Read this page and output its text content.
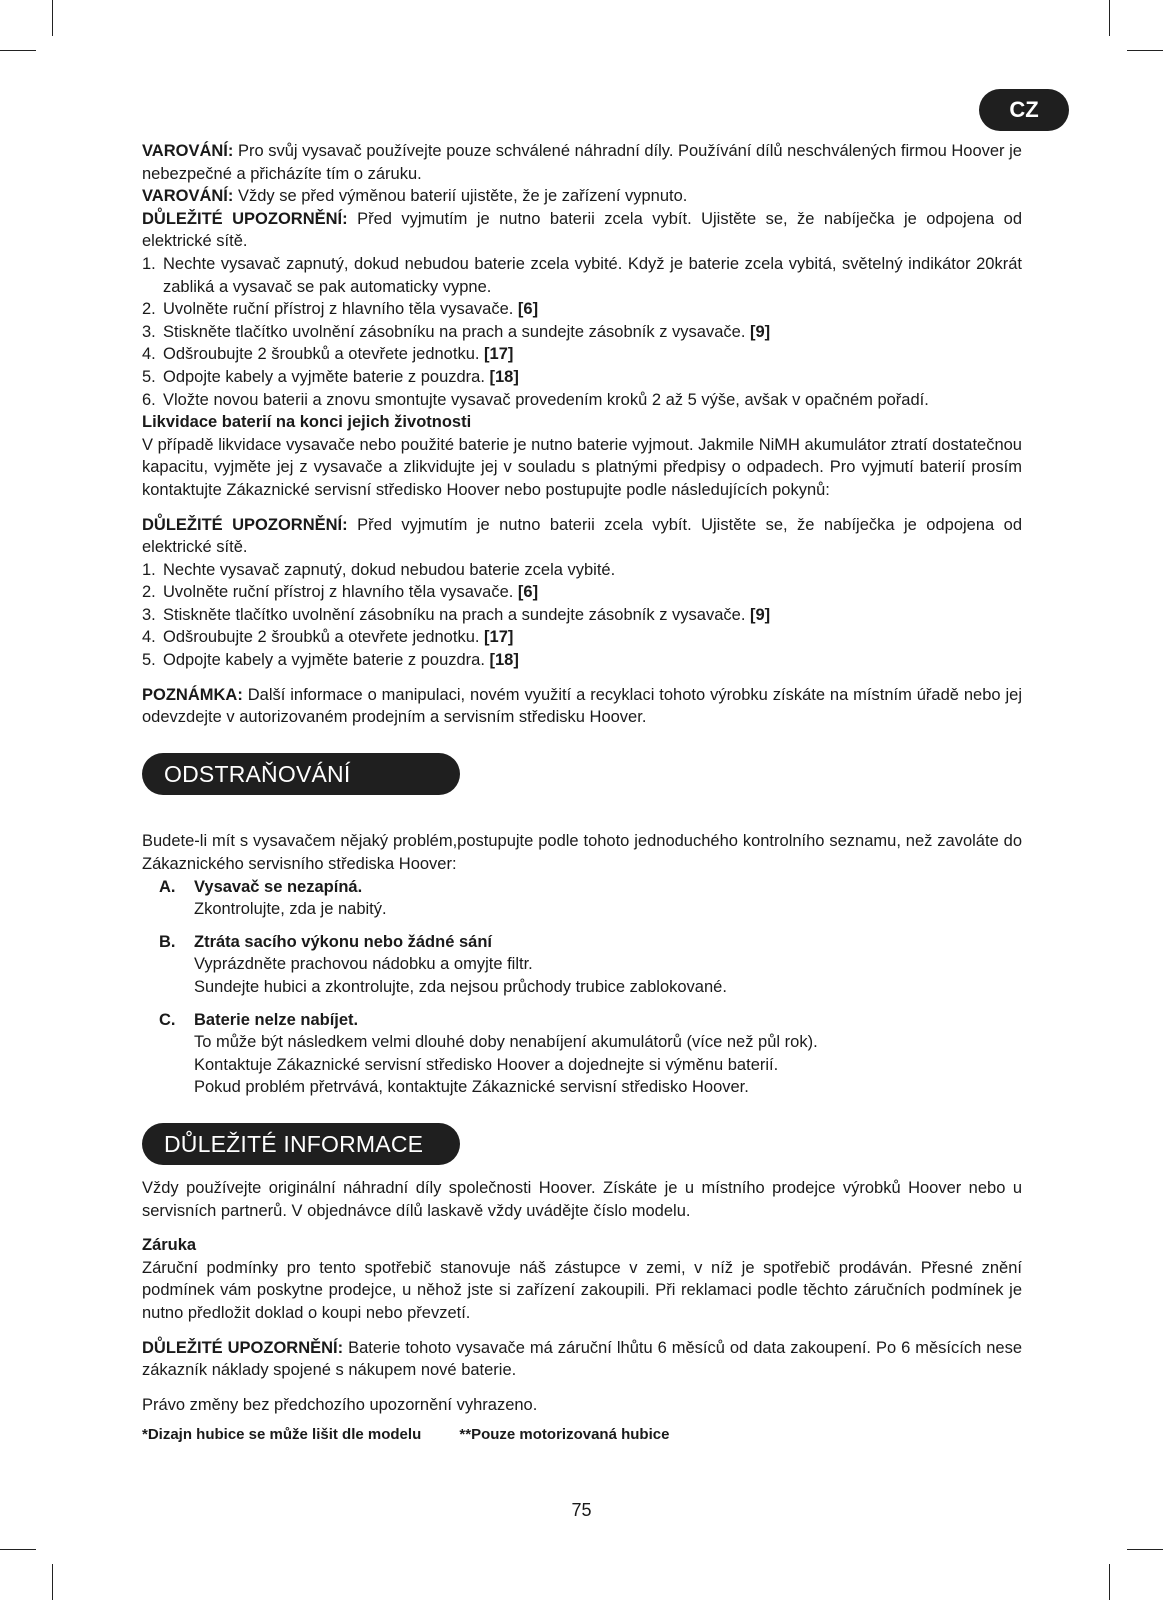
CZ

VAROVÁNÍ: Pro svůj vysavač používejte pouze schválené náhradní díly. Používání dílů neschválených firmou Hoover je nebezpečné a přicházíte tím o záruku.

VAROVÁNÍ: Vždy se před výměnou baterií ujistěte, že je zařízení vypnuto.

DŮLEŽITÉ UPOZORNĚNÍ: Před vyjmutím je nutno baterii zcela vybít. Ujistěte se, že nabíječka je odpojena od elektrické sítě.

1. Nechte vysavač zapnutý, dokud nebudou baterie zcela vybité. Když je baterie zcela vybitá, světelný indikátor 20krát zabliká a vysavač se pak automaticky vypne.
2. Uvolněte ruční přístroj z hlavního těla vysavače. [6]
3. Stiskněte tlačítko uvolnění zásobníku na prach a sundejte zásobník z vysavače. [9]
4. Odšroubujte 2 šroubků a otevřete jednotku. [17]
5. Odpojte kabely a vyjměte baterie z pouzdra. [18]
6. Vložte novou baterii a znovu smontujte vysavač provedením kroků 2 až 5 výše, avšak v opačném pořadí.

Likvidace baterií na konci jejich životnosti

V případě likvidace vysavače nebo použité baterie je nutno baterie vyjmout. Jakmile NiMH akumulátor ztratí dostatečnou kapacitu, vyjměte jej z vysavače a zlikvidujte jej v souladu s platnými předpisy o odpadech. Pro vyjmutí baterií prosím kontaktujte Zákaznické servisní středisko Hoover nebo postupujte podle následujících pokynů:

DŮLEŽITÉ UPOZORNĚNÍ: Před vyjmutím je nutno baterii zcela vybít. Ujistěte se, že nabíječka je odpojena od elektrické sítě.

1. Nechte vysavač zapnutý, dokud nebudou baterie zcela vybité.
2. Uvolněte ruční přístroj z hlavního těla vysavače. [6]
3. Stiskněte tlačítko uvolnění zásobníku na prach a sundejte zásobník z vysavače. [9]
4. Odšroubujte 2 šroubků a otevřete jednotku. [17]
5. Odpojte kabely a vyjměte baterie z pouzdra. [18]

POZNÁMKA: Další informace o manipulaci, novém využití a recyklaci tohoto výrobku získáte na místním úřadě nebo jej odevzdejte v autorizovaném prodejním a servisním středisku Hoover.

ODSTRAŇOVÁNÍ ZÁVAD

Budete-li mít s vysavačem nějaký problém,postupujte podle tohoto jednoduchého kontrolního seznamu, než zavoláte do Zákaznického servisního střediska Hoover:

A. Vysavač se nezapíná.
Zkontrolujte, zda je nabitý.
B. Ztráta sacího výkonu nebo žádné sání
Vyprázdněte prachovou nádobku a omyjte filtr.
Sundejte hubici a zkontrolujte, zda nejsou průchody trubice zablokované.
C. Baterie nelze nabíjet.
To může být následkem velmi dlouhé doby nenabíjení akumulátorů (více než půl rok).
Kontaktuje Zákaznické servisní středisko Hoover a dojednejte si výměnu baterií.
Pokud problém přetrvává, kontaktujte Zákaznické servisní středisko Hoover.
DŮLEŽITÉ INFORMACE

Vždy používejte originální náhradní díly společnosti Hoover. Získáte je u místního prodejce výrobků Hoover nebo u servisních partnerů. V objednávce dílů laskavě vždy uvádějte číslo modelu.

Záruka

Záruční podmínky pro tento spotřebič stanovuje náš zástupce v zemi, v níž je spotřebič prodáván. Přesné znění podmínek vám poskytne prodejce, u něhož jste si zařízení zakoupili. Při reklamaci podle těchto záručních podmínek je nutno předložit doklad o koupi nebo převzetí.

DŮLEŽITÉ UPOZORNĚNÍ: Baterie tohoto vysavače má záruční lhůtu 6 měsíců od data zakoupení. Po 6 měsících nese zákazník náklady spojené s nákupem nové baterie.

Právo změny bez předchozího upozornění vyhrazeno.

*Dizajn hubice se může lišit dle modelu	**Pouze motorizovaná hubice
75
